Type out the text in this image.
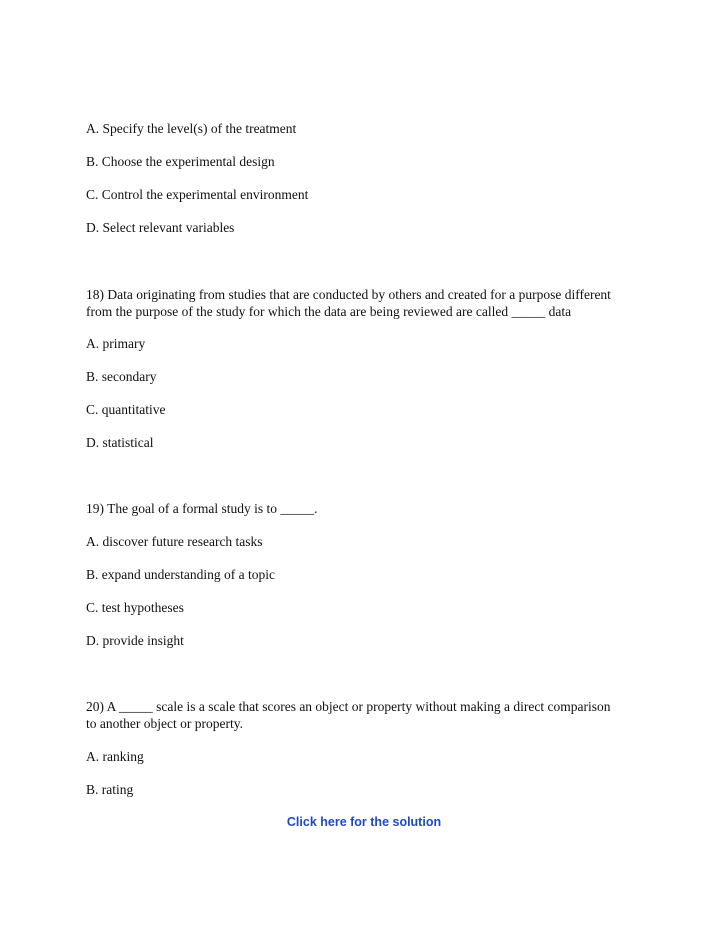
A. Specify the level(s) of the treatment
B. Choose the experimental design
C. Control the experimental environment
D. Select relevant variables
18) Data originating from studies that are conducted by others and created for a purpose different
from the purpose of the study for which the data are being reviewed are called _____ data
A. primary
B. secondary
C. quantitative
D. statistical
19) The goal of a formal study is to _____.
A. discover future research tasks
B. expand understanding of a topic
C. test hypotheses
D. provide insight
20) A _____ scale is a scale that scores an object or property without making a direct comparison
to another object or property.
A. ranking
B. rating
Click here for the solution
